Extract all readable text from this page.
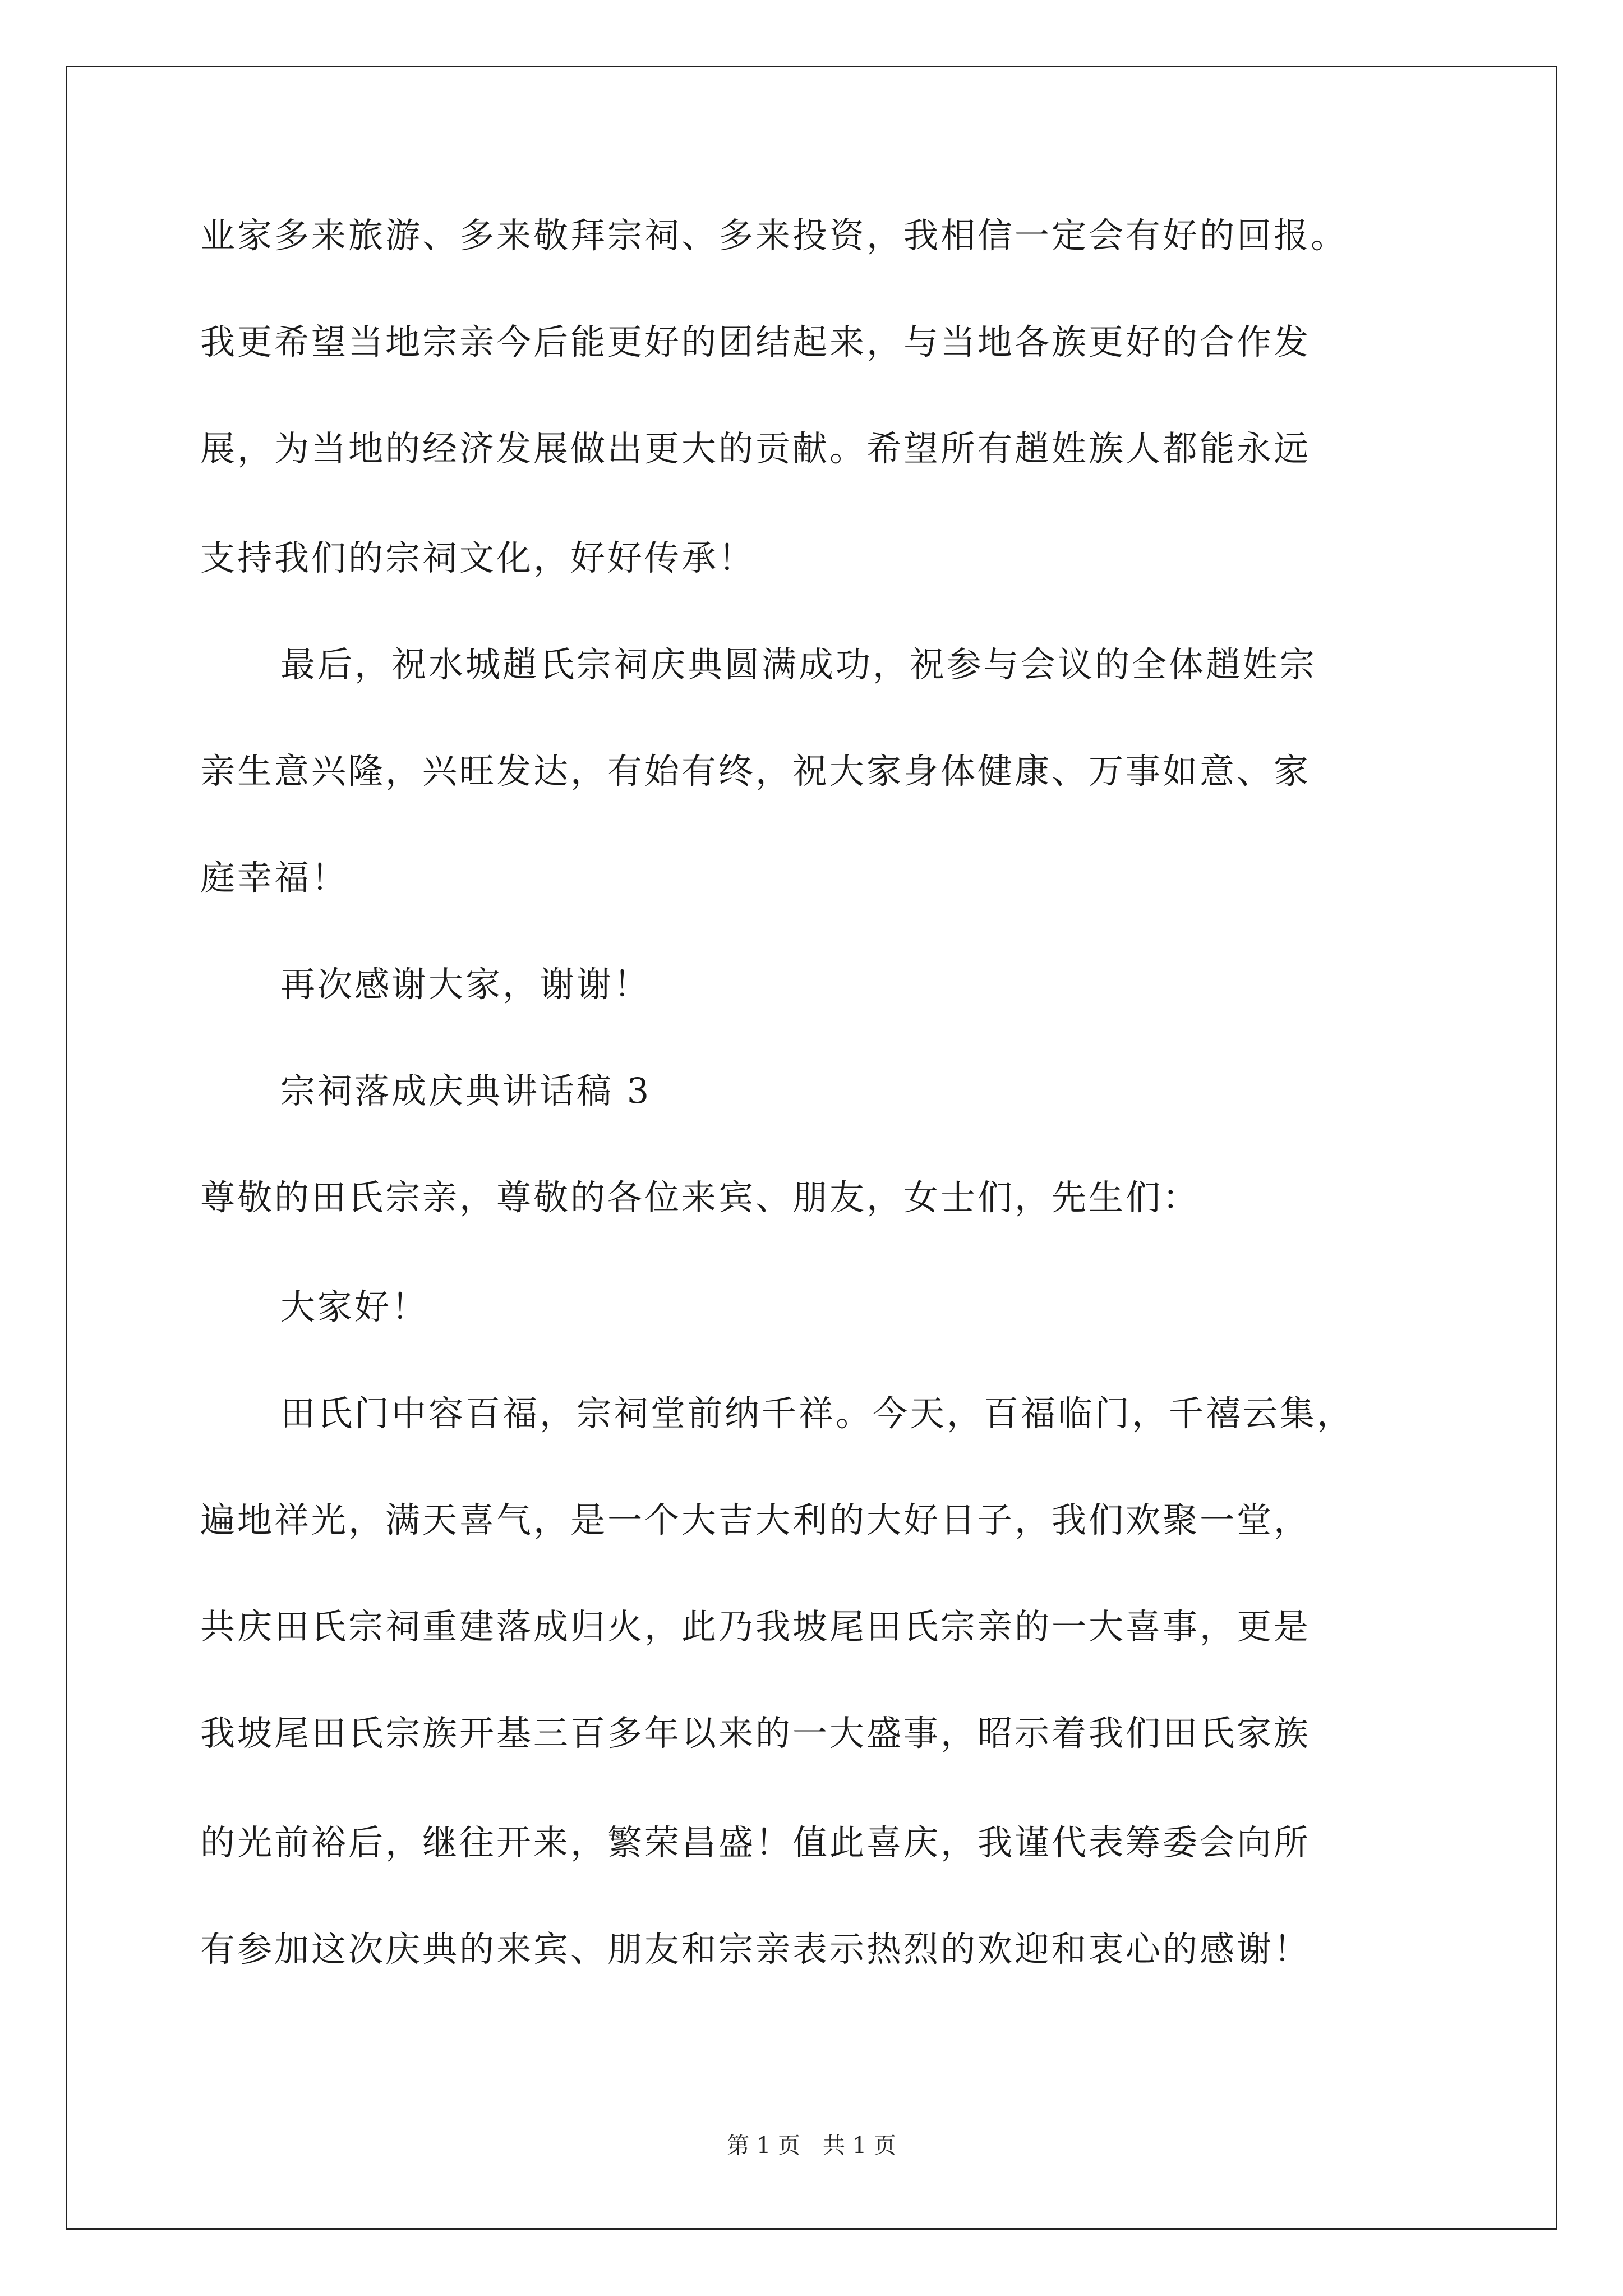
业家多来旅游、多来敬拜宗祠、多来投资，我相信一定会有好的回报。
我更希望当地宗亲今后能更好的团结起来，与当地各族更好的合作发
展，为当地的经济发展做出更大的贡献。希望所有趙姓族人都能永远
支持我们的宗祠文化，好好传承！
最后，祝水城趙氏宗祠庆典圆满成功，祝参与会议的全体趙姓宗
亲生意兴隆，兴旺发达，有始有终，祝大家身体健康、万事如意、家
庭幸福！
再次感谢大家，谢谢！
宗祠落成庆典讲话稿 3
尊敬的田氏宗亲，尊敬的各位来宾、朋友，女士们，先生们：
大家好！
田氏门中容百福，宗祠堂前纳千祥。今天，百福临门，千禧云集，
遍地祥光，满天喜气，是一个大吉大利的大好日子，我们欢聚一堂，
共庆田氏宗祠重建落成归火，此乃我坡尾田氏宗亲的一大喜事，更是
我坡尾田氏宗族开基三百多年以来的一大盛事，昭示着我们田氏家族
的光前裕后，继往开来，繁荣昌盛！值此喜庆，我谨代表筹委会向所
有参加这次庆典的来宾、朋友和宗亲表示热烈的欢迎和衷心的感谢！
第 1 页　共 1 页
